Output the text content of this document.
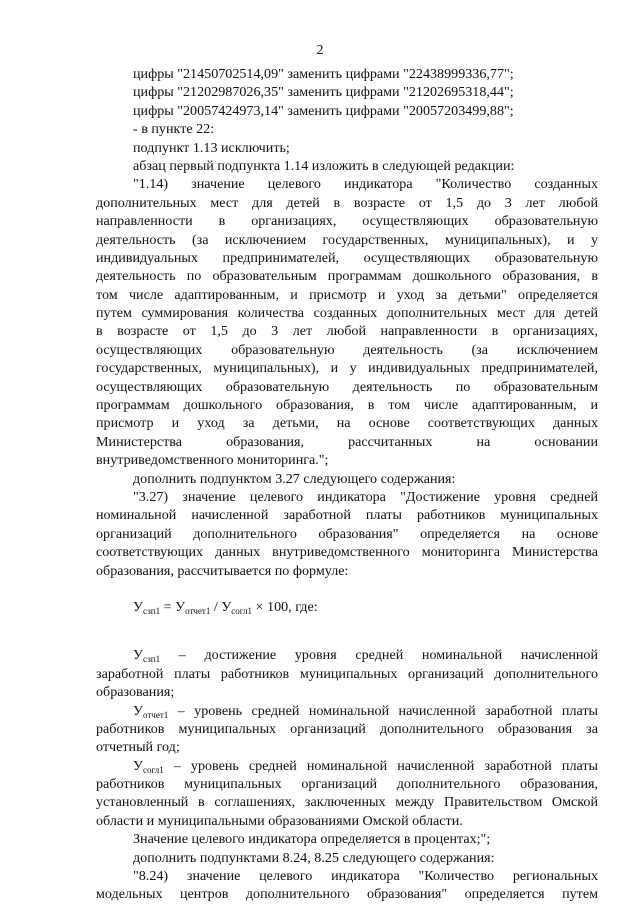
2
цифры "21450702514,09" заменить цифрами "22438999336,77";
цифры "21202987026,35" заменить цифрами "21202695318,44";
цифры "20057424973,14" заменить цифрами "20057203499,88";
- в пункте 22:
подпункт 1.13 исключить;
абзац первый подпункта 1.14 изложить в следующей редакции:
"1.14) значение целевого индикатора "Количество созданных
дополнительных мест для детей в возрасте от 1,5 до 3 лет любой
направленности в организациях, осуществляющих образовательную
деятельность (за исключением государственных, муниципальных), и у
индивидуальных предпринимателей, осуществляющих образовательную
деятельность по образовательным программам дошкольного образования, в
том числе адаптированным, и присмотр и уход за детьми" определяется
путем суммирования количества созданных дополнительных мест для детей
в возрасте от 1,5 до 3 лет любой направленности в организациях,
осуществляющих образовательную деятельность (за исключением
государственных, муниципальных), и у индивидуальных предпринимателей,
осуществляющих образовательную деятельность по образовательным
программам дошкольного образования, в том числе адаптированным, и
присмотр и уход за детьми, на основе соответствующих данных
Министерства образования, рассчитанных на основании
внутриведомственного мониторинга.";
дополнить подпунктом 3.27 следующего содержания:
"3.27) значение целевого индикатора "Достижение уровня средней
номинальной начисленной заработной платы работников муниципальных
организаций дополнительного образования" определяется на основе
соответствующих данных внутриведомственного мониторинга Министерства
образования, рассчитывается по формуле:
$У_{сзп1} = У_{отчет1} / У_{согл1} \times 100$, где:
$У_{сзп1}$ – достижение уровня средней номинальной начисленной
заработной платы работников муниципальных организаций дополнительного
образования;
$У_{отчет1}$ – уровень средней номинальной начисленной заработной платы
работников муниципальных организаций дополнительного образования за
отчетный год;
$У_{согл1}$ – уровень средней номинальной начисленной заработной платы
работников муниципальных организаций дополнительного образования,
установленный в соглашениях, заключенных между Правительством Омской
области и муниципальными образованиями Омской области.
Значение целевого индикатора определяется в процентах;";
дополнить подпунктами 8.24, 8.25 следующего содержания:
"8.24) значение целевого индикатора "Количество региональных
модельных центров дополнительного образования" определяется путем
